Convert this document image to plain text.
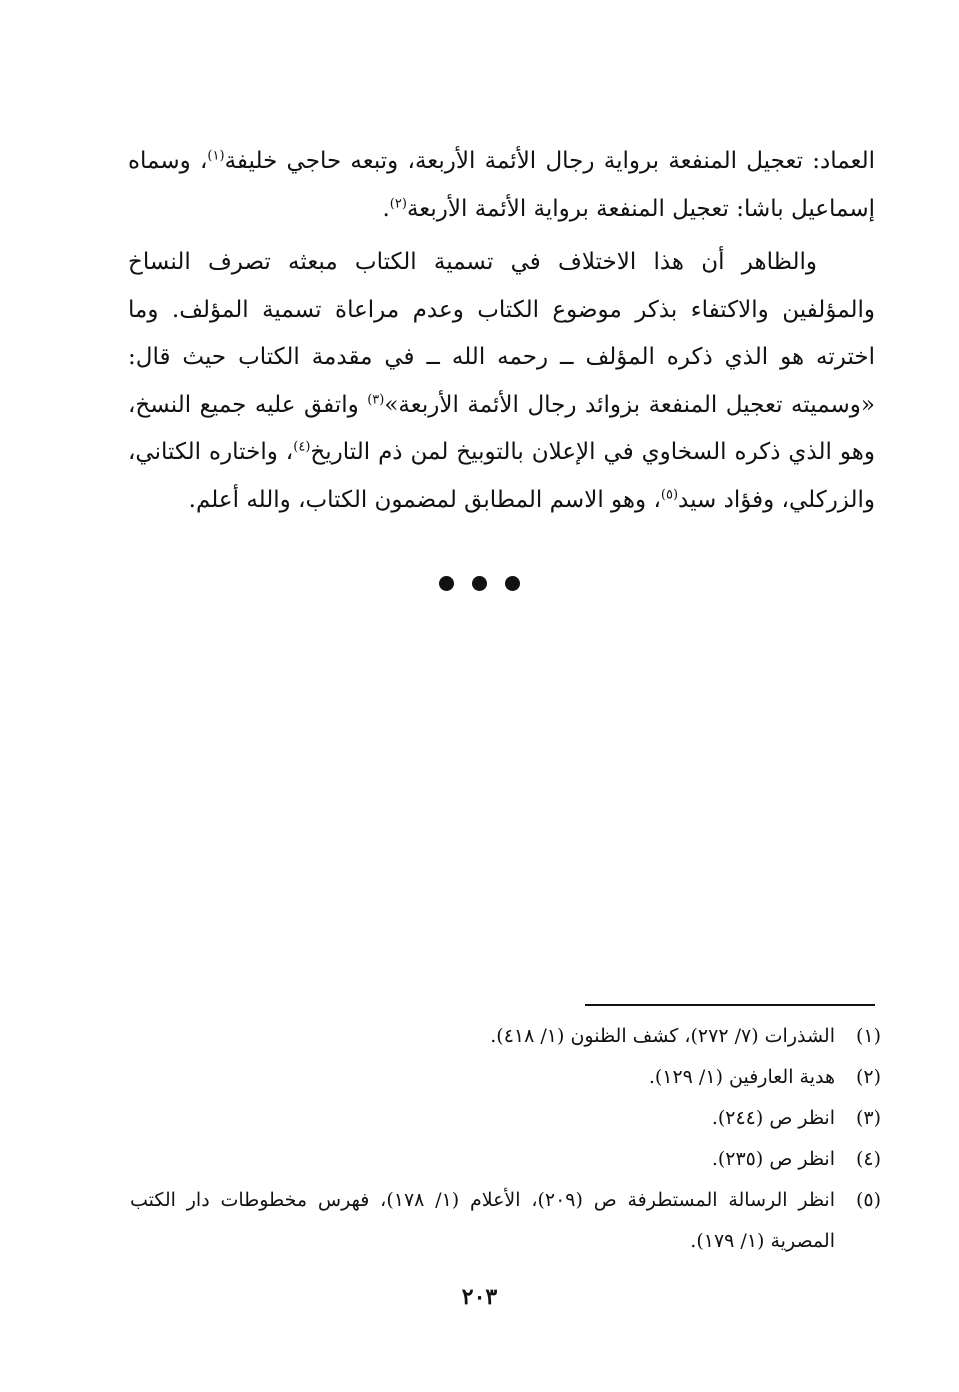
العماد: تعجيل المنفعة برواية رجال الأئمة الأربعة، وتبعه حاجي خليفة$^{(١)}$، وسماه إسماعيل باشا: تعجيل المنفعة برواية الأئمة الأربعة$^{(٢)}$.

والظاهر أن هذا الاختلاف في تسمية الكتاب مبعثه تصرف النساخ والمؤلفين والاكتفاء بذكر موضوع الكتاب وعدم مراعاة تسمية المؤلف. وما اخترته هو الذي ذكره المؤلف ــ رحمه الله ــ في مقدمة الكتاب حيث قال: «وسميته تعجيل المنفعة بزوائد رجال الأئمة الأربعة»$^{(٣)}$ واتفق عليه جميع النسخ، وهو الذي ذكره السخاوي في الإعلان بالتوبيخ لمن ذم التاريخ$^{(٤)}$، واختاره الكتاني، والزركلي، وفؤاد سيد$^{(٥)}$، وهو الاسم المطابق لمضمون الكتاب، والله أعلم.

(١)
الشذرات (٧/ ٢٧٢)، كشف الظنون (١/ ٤١٨).
(٢)
هدية العارفين (١/ ١٢٩).
(٣)
انظر ص (٢٤٤).
(٤)
انظر ص (٢٣٥).
(٥)
انظر الرسالة المستطرفة ص (٢٠٩)، الأعلام (١/ ١٧٨)، فهرس مخطوطات دار الكتب المصرية (١/ ١٧٩).
٢٠٣
